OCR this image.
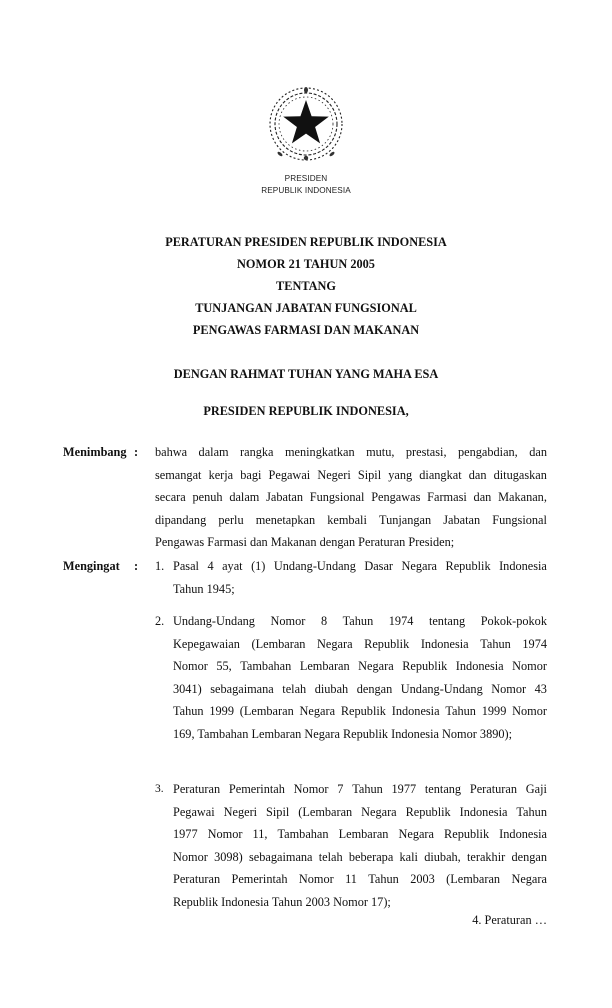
PRESIDEN
REPUBLIK INDONESIA
PERATURAN PRESIDEN REPUBLIK INDONESIA
NOMOR 21 TAHUN 2005
TENTANG
TUNJANGAN JABATAN FUNGSIONAL
PENGAWAS FARMASI DAN MAKANAN
DENGAN RAHMAT TUHAN YANG MAHA ESA
PRESIDEN REPUBLIK INDONESIA,
Menimbang : bahwa dalam rangka meningkatkan mutu, prestasi, pengabdian, dan
semangat kerja bagi Pegawai Negeri Sipil yang diangkat dan ditugaskan
secara penuh dalam Jabatan Fungsional Pengawas Farmasi dan Makanan,
dipandang perlu menetapkan kembali Tunjangan Jabatan Fungsional
Pengawas Farmasi dan Makanan dengan Peraturan Presiden;
Mengingat : 1. Pasal 4 ayat (1) Undang-Undang Dasar Negara Republik Indonesia
Tahun 1945;
2. Undang-Undang Nomor 8 Tahun 1974 tentang Pokok-pokok
Kepegawaian (Lembaran Negara Republik Indonesia Tahun 1974
Nomor 55, Tambahan Lembaran Negara Republik Indonesia Nomor
3041) sebagaimana telah diubah dengan Undang-Undang Nomor 43
Tahun 1999 (Lembaran Negara Republik Indonesia Tahun 1999 Nomor
169, Tambahan Lembaran Negara Republik Indonesia Nomor 3890);
3. Peraturan Pemerintah Nomor 7 Tahun 1977 tentang Peraturan Gaji
Pegawai Negeri Sipil (Lembaran Negara Republik Indonesia Tahun
1977 Nomor 11, Tambahan Lembaran Negara Republik Indonesia
Nomor 3098) sebagaimana telah beberapa kali diubah, terakhir dengan
Peraturan Pemerintah Nomor 11 Tahun 2003 (Lembaran Negara
Republik Indonesia Tahun 2003 Nomor 17);
4. Peraturan …
